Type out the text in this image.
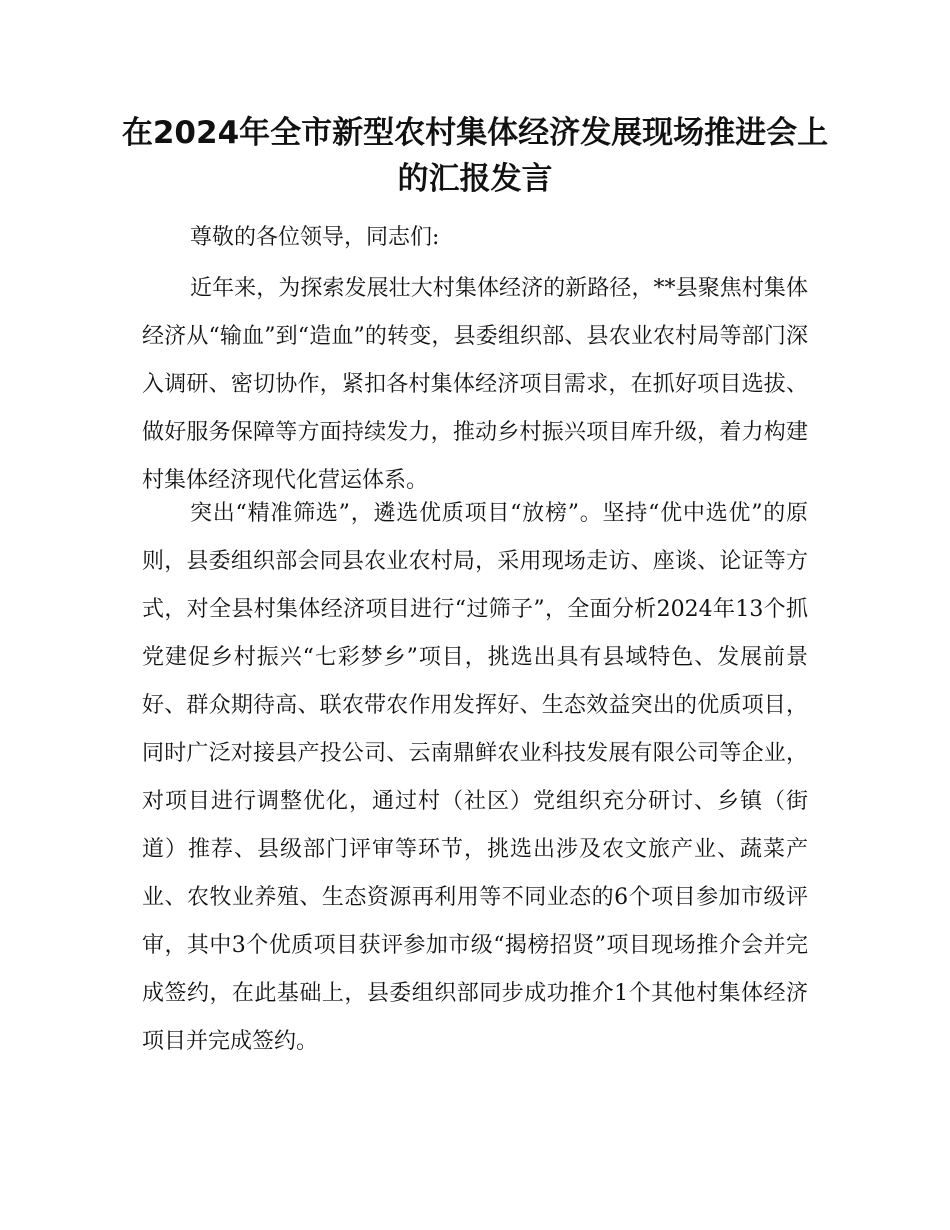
在2024年全市新型农村集体经济发展现场推进会上的汇报发言

尊敬的各位领导，同志们:

近年来，为探索发展壮大村集体经济的新路径，**县聚焦村集体经济从“输血”到“造血”的转变，县委组织部、县农业农村局等部门深入调研、密切协作，紧扣各村集体经济项目需求，在抓好项目选拔、做好服务保障等方面持续发力，推动乡村振兴项目库升级，着力构建村集体经济现代化营运体系。

突出“精准筛选”，遴选优质项目“放榜”。坚持“优中选优”的原则，县委组织部会同县农业农村局，采用现场走访、座谈、论证等方式，对全县村集体经济项目进行“过筛子”，全面分析2024年13个抓党建促乡村振兴“七彩梦乡”项目，挑选出具有县域特色、发展前景好、群众期待高、联农带农作用发挥好、生态效益突出的优质项目，同时广泛对接县产投公司、云南鼎鲜农业科技发展有限公司等企业，对项目进行调整优化，通过村（社区）党组织充分研讨、乡镇（街道）推荐、县级部门评审等环节，挑选出涉及农文旅产业、蔬菜产业、农牧业养殖、生态资源再利用等不同业态的6个项目参加市级评审，其中3个优质项目获评参加市级“揭榜招贤”项目现场推介会并完成签约，在此基础上，县委组织部同步成功推介1个其他村集体经济项目并完成签约。
